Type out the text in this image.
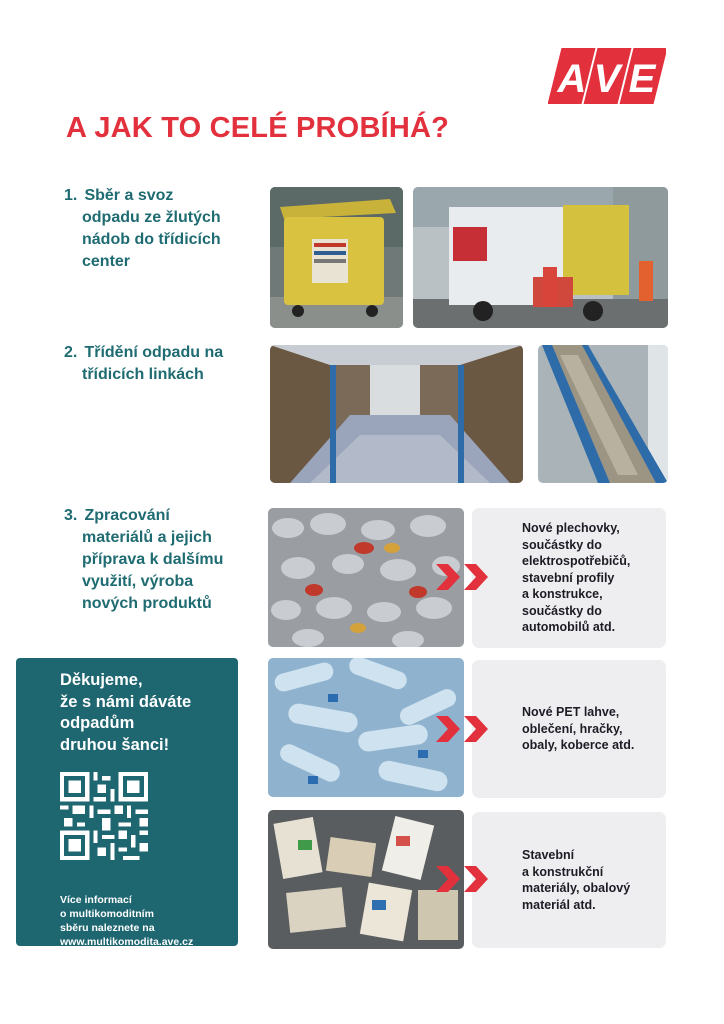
A V E
A JAK TO CELÉ PROBÍHÁ?
1. Sběr a svoz
odpadu ze žlutých nádob do třídicích center
2. Třídění odpadu na
třídicích linkách
3. Zpracování
materiálů a jejich příprava k dalšímu využití, výroba nových produktů

Nové plechovky,
součástky do
elektrospotřebičů,
stavební profily
a konstrukce,
součástky do
automobilů atd.

Nové PET lahve,
oblečení, hračky,
obaly, koberce atd.

Stavební
a konstrukční
materiály, obalový
materiál atd.

Děkujeme,
že s námi dáváte
odpadům
druhou šanci!

Více informací
o multikomoditním
sběru naleznete na

www.multikomodita.ave.cz
